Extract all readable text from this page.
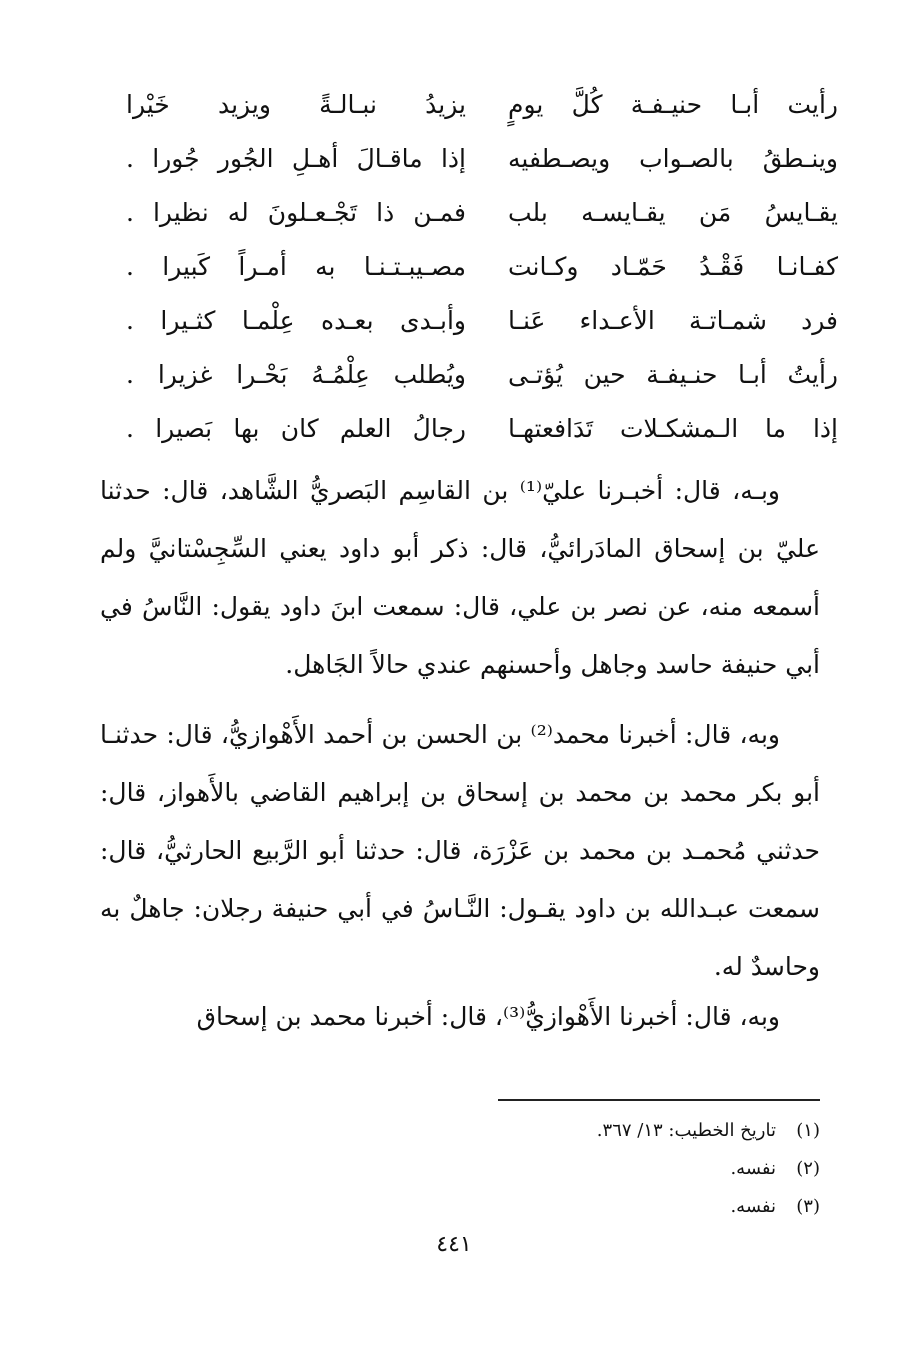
رأيت أبـا حنيـفـة كُلَّ يومٍ
يزيدُ نبـالـةً ويزيد خَيْرا
وينـطقُ بالصـواب ويصـطفيه
إذا ماقـالَ أهـلِ الجُور جُورا .
يقـايسُ مَن يقـايسـه بلب
فمـن ذا تَجْـعـلونَ له نظيرا .
كفـانـا فَقْـدُ حَمّـاد وكـانت
مصـيبـتـنـا به أمـراً كَبيرا .
فرد شمـاتـة الأعـداء عَنـا
وأبـدى بعـده عِلْمـا كثـيرا .
رأيتُ أبـا حنـيفـة حين يُؤتـى
ويُطلب عِلْمُـهُ بَحْـرا غزيرا .
إذا ما الـمشكـلات تَدَافعتهـا
رجالُ العلم كان بها بَصيرا .

وبـه، قال: أخبـرنا عليّ⁽¹⁾ بن القاسِم البَصريُّ الشَّاهد، قال: حدثنا عليّ بن إسحاق المادَرائيُّ، قال: ذكر أبو داود يعني السِّجِسْتانيَّ ولم أسمعه منه، عن نصر بن علي، قال: سمعت ابنَ داود يقول: النَّاسُ في أبي حنيفة حاسد وجاهل وأحسنهم عندي حالاً الجَاهل.

وبه، قال: أخبرنا محمد⁽²⁾ بن الحسن بن أحمد الأَهْوازيُّ، قال: حدثنـا أبو بكر محمد بن محمد بن إسحاق بن إبراهيم القاضي بالأَهواز، قال: حدثني مُحمـد بن محمد بن عَزْرَة، قال: حدثنا أبو الرَّبيع الحارثيُّ، قال: سمعت عبـدالله بن داود يقـول: النَّـاسُ في أبي حنيفة رجلان: جاهلٌ به وحاسدٌ له.

وبه، قال: أخبرنا الأَهْوازيُّ⁽³⁾، قال: أخبرنا محمد بن إسحاق

(١)
تاريخ الخطيب: ١٣/ ٣٦٧.
(٢)
نفسه.
(٣)
نفسه.
٤٤١
